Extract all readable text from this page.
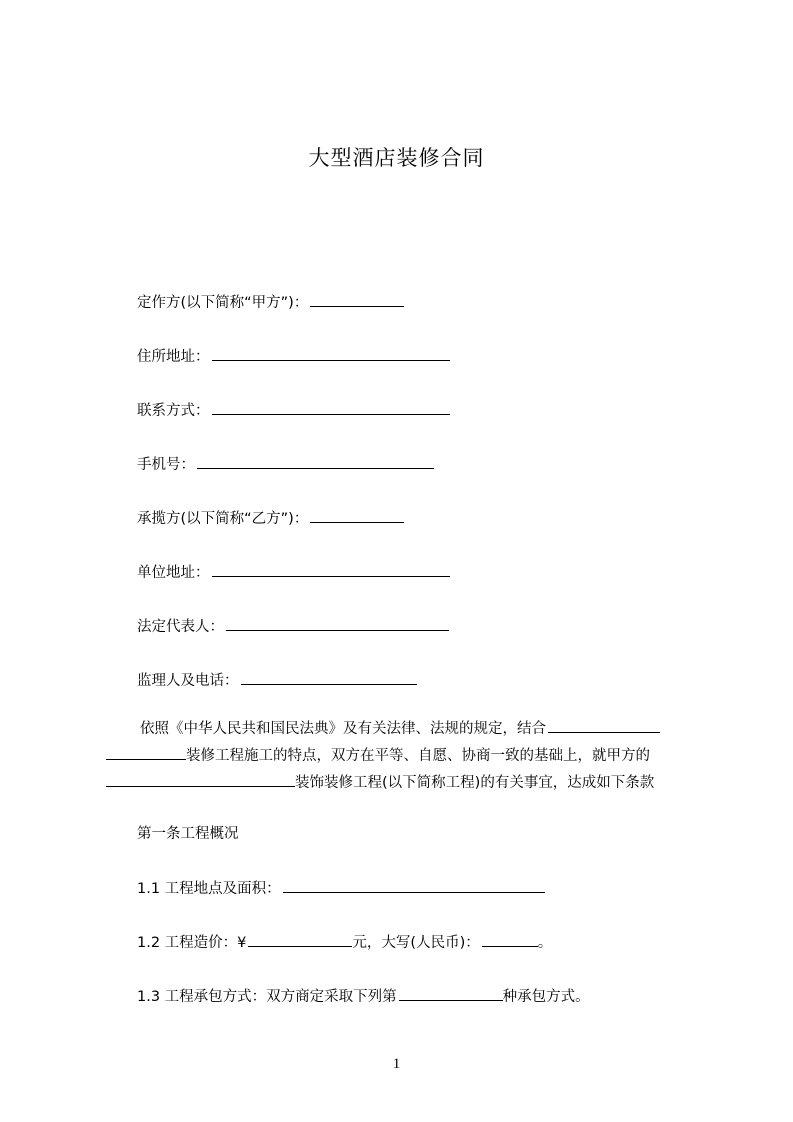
大型酒店装修合同
定作方(以下简称“甲方”)：
住所地址：
联系方式：
手机号：
承揽方(以下简称“乙方”)：
单位地址：
法定代表人：
监理人及电话：
依照《中华人民共和国民法典》及有关法律、法规的规定，结合
装修工程施工的特点，双方在平等、自愿、协商一致的基础上，就甲方的
装饰装修工程(以下简称工程)的有关事宜，达成如下条款
第一条工程概况
1.1 工程地点及面积：
1.2 工程造价：¥	元，大写(人民币)：	。
1.3 工程承包方式：双方商定采取下列第	种承包方式。
1
